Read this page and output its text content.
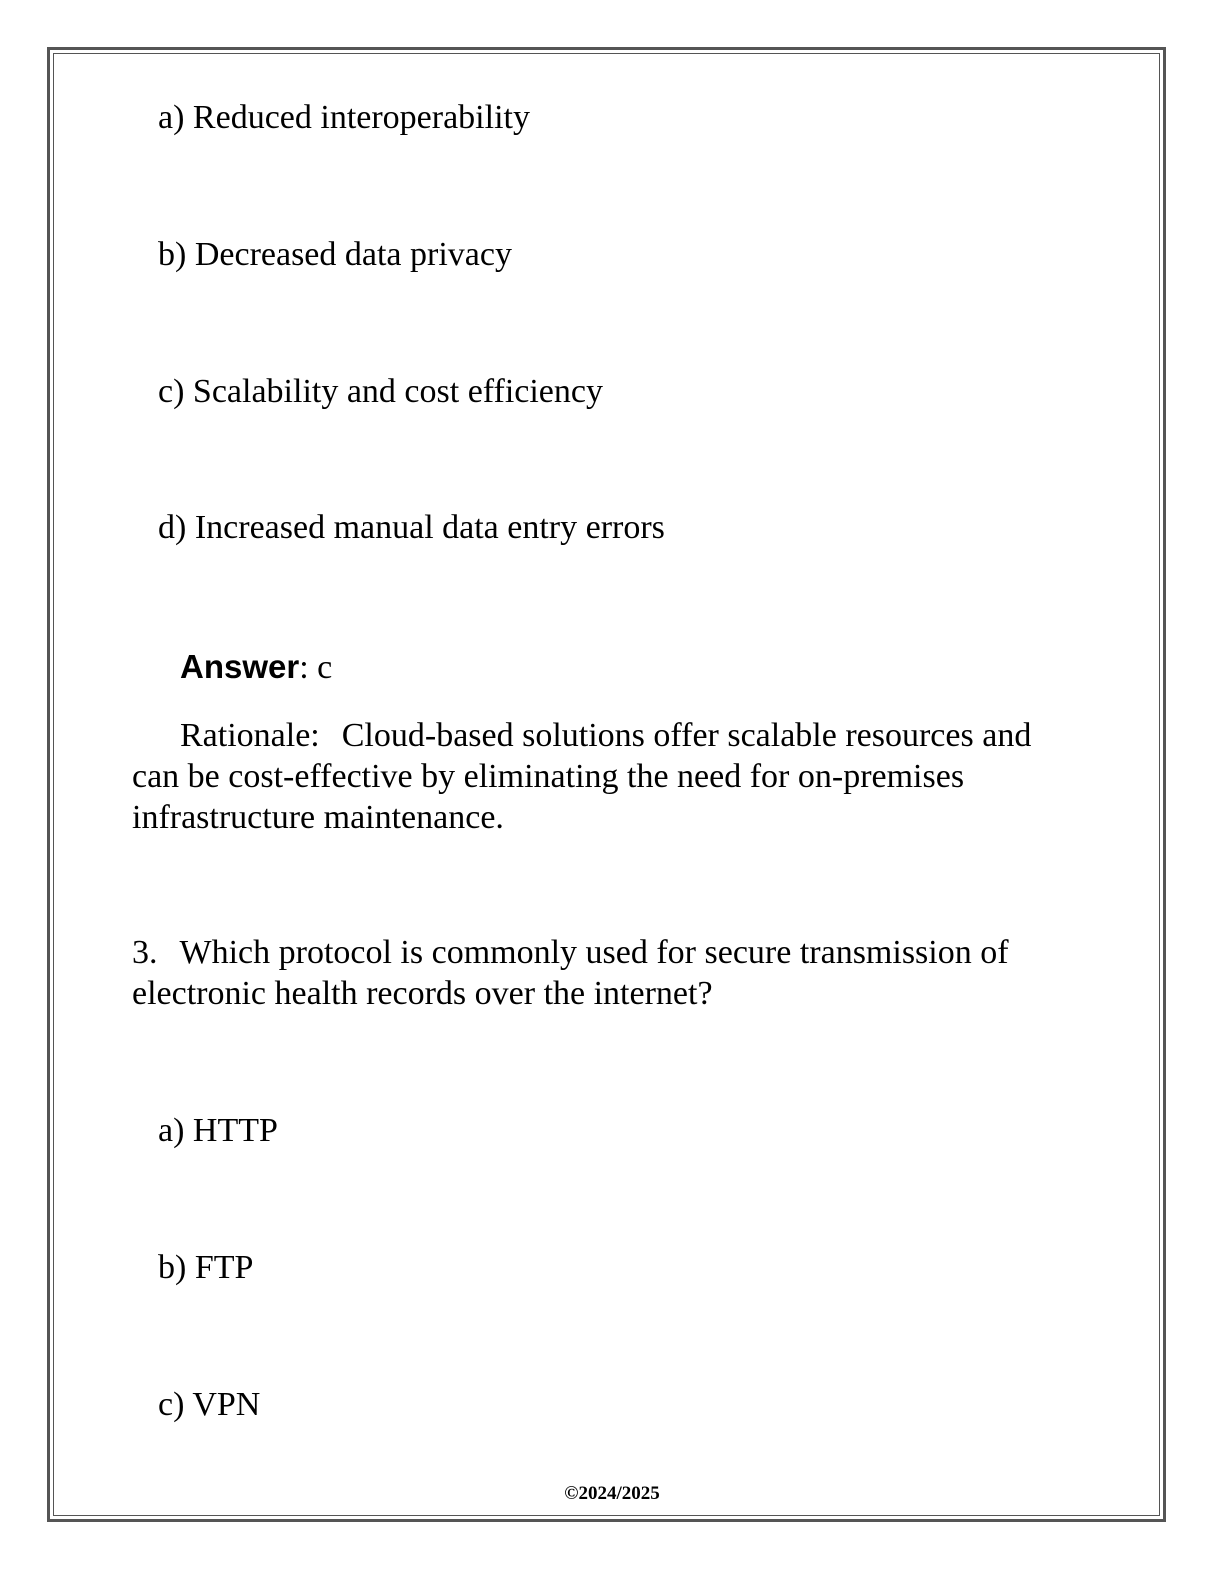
a) Reduced interoperability

b) Decreased data privacy

c) Scalability and cost efficiency

d) Increased manual data entry errors

Answer: c

Rationale: Cloud-based solutions offer scalable resources and can be cost-effective by eliminating the need for on-premises infrastructure maintenance.

3. Which protocol is commonly used for secure transmission of electronic health records over the internet?

a) HTTP

b) FTP

c) VPN

©2024/2025
